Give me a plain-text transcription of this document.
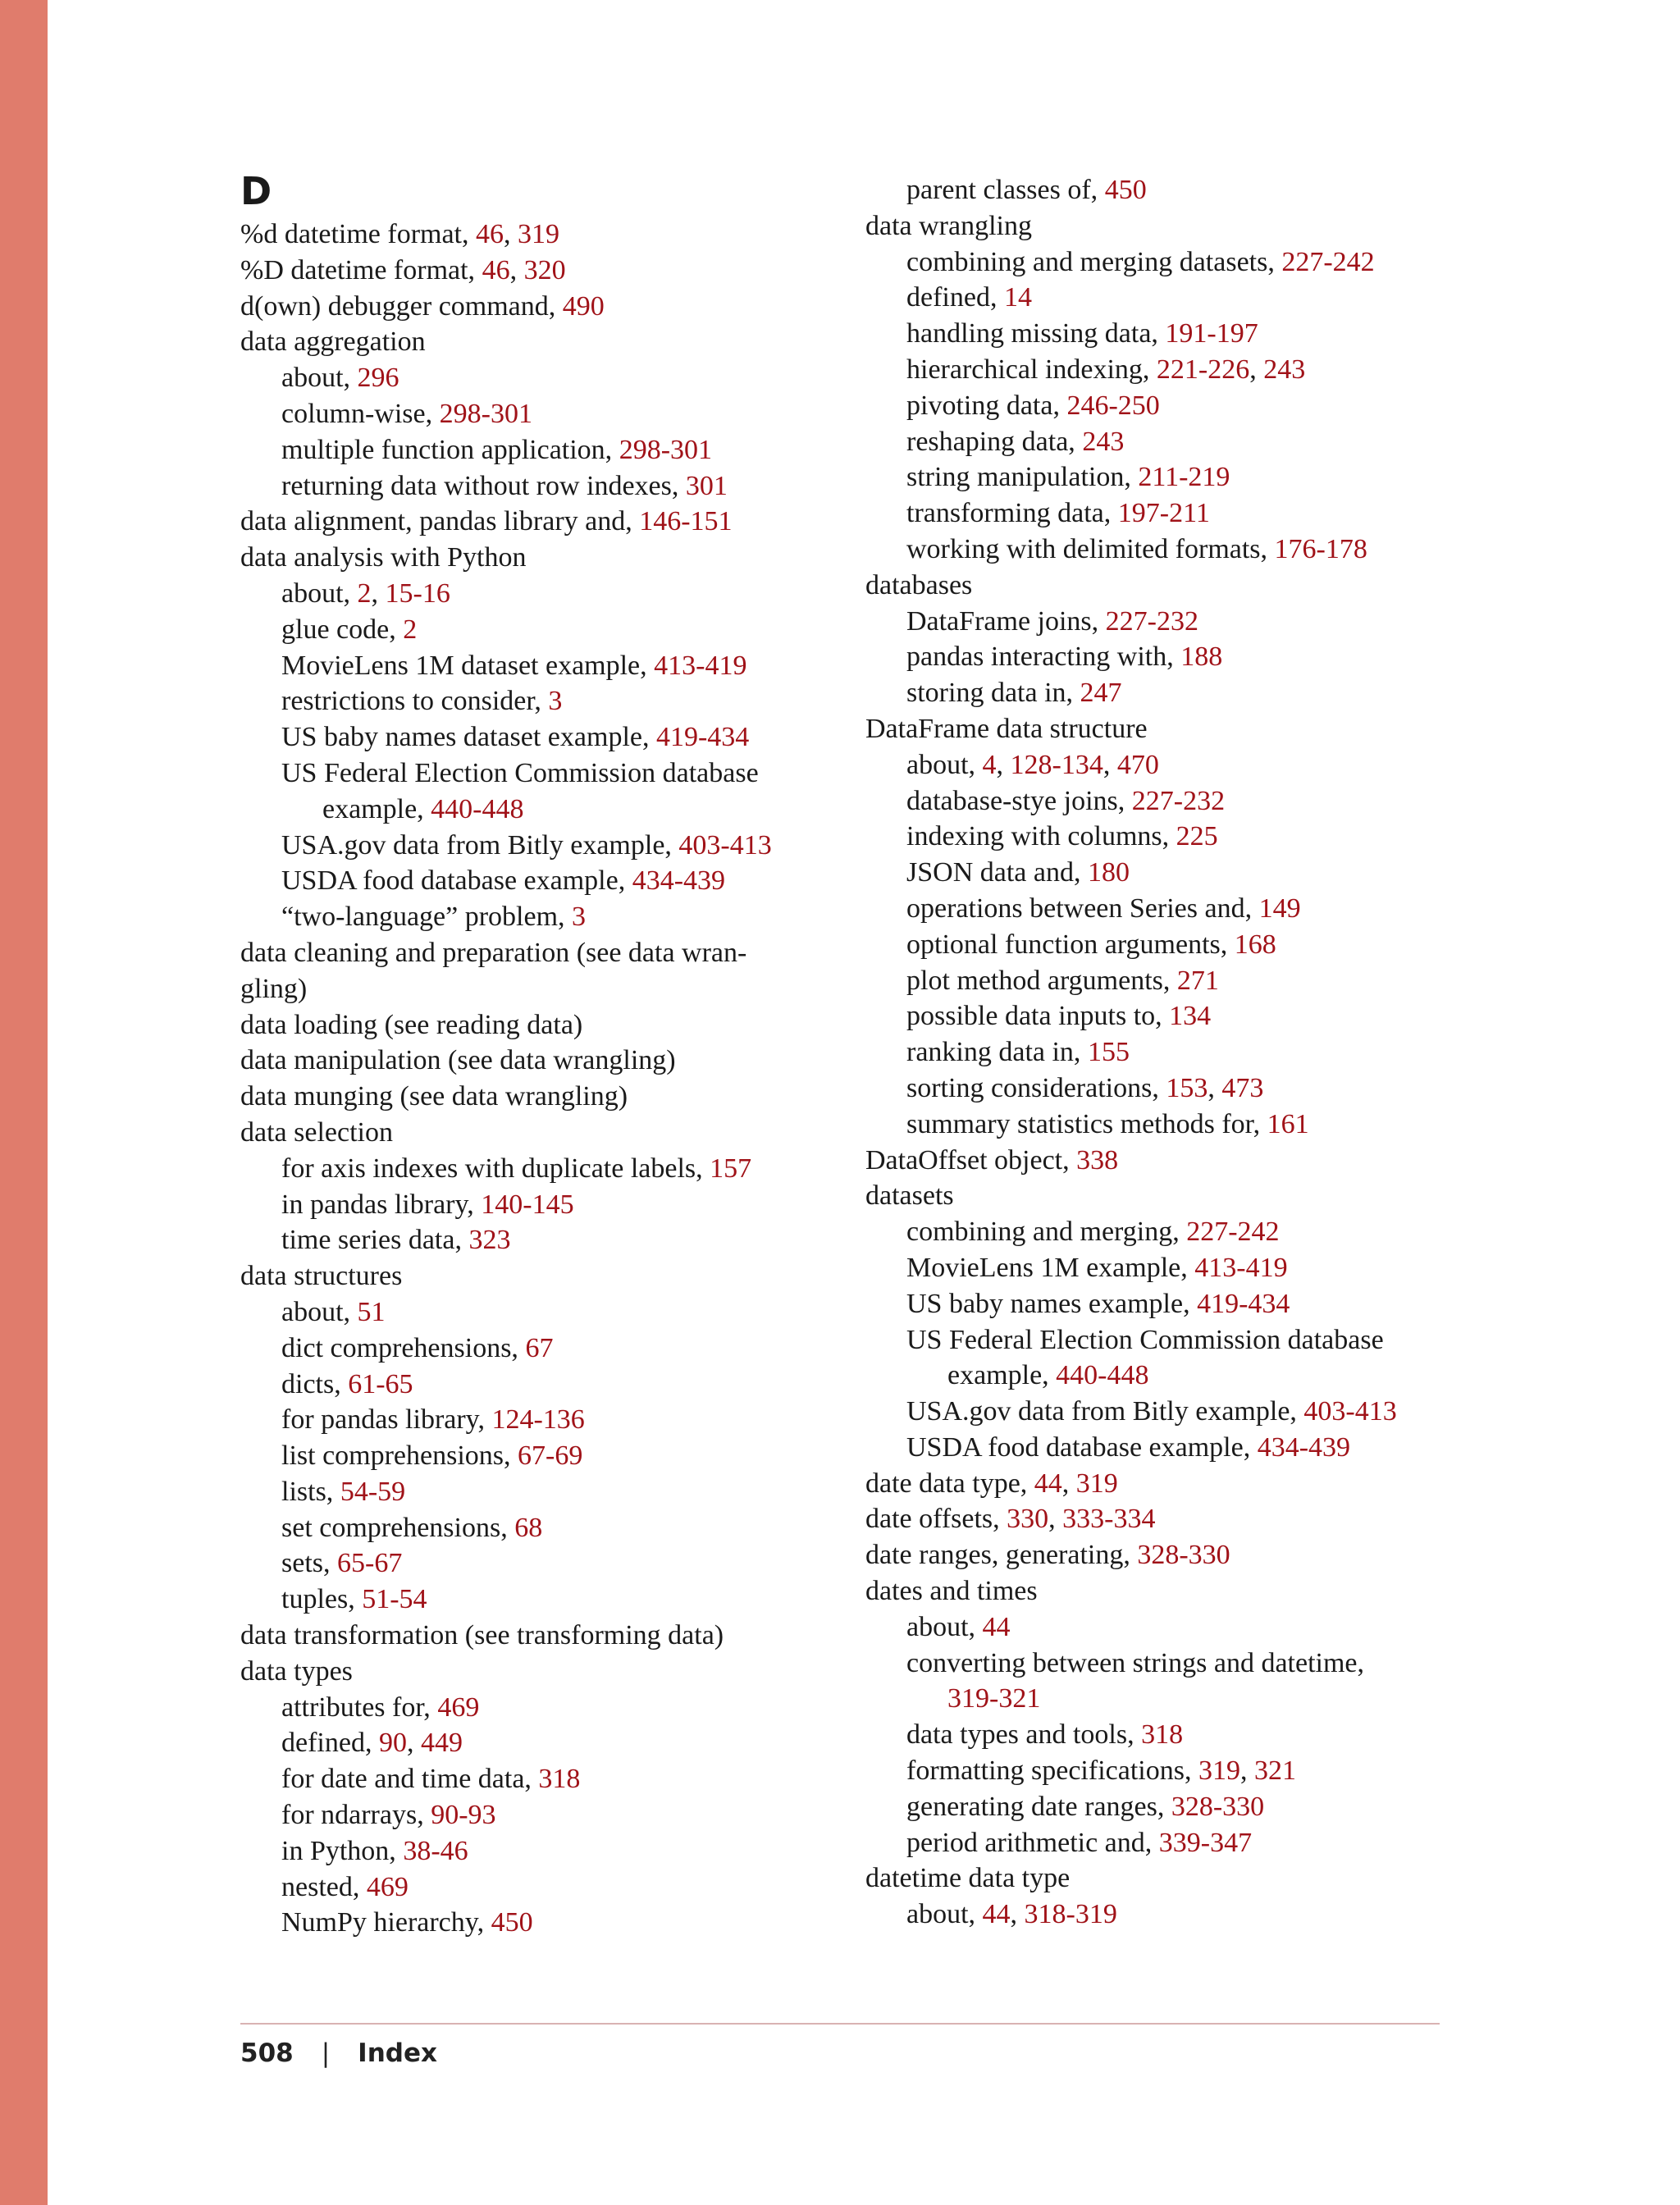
D
%d datetime format, 46, 319
%D datetime format, 46, 320
d(own) debugger command, 490
data aggregation
about, 296
column-wise, 298-301
multiple function application, 298-301
returning data without row indexes, 301
data alignment, pandas library and, 146-151
data analysis with Python
about, 2, 15-16
glue code, 2
MovieLens 1M dataset example, 413-419
restrictions to consider, 3
US baby names dataset example, 419-434
US Federal Election Commission database
example, 440-448
USA.gov data from Bitly example, 403-413
USDA food database example, 434-439
“two-language” problem, 3
data cleaning and preparation (see data wran-
gling)
data loading (see reading data)
data manipulation (see data wrangling)
data munging (see data wrangling)
data selection
for axis indexes with duplicate labels, 157
in pandas library, 140-145
time series data, 323
data structures
about, 51
dict comprehensions, 67
dicts, 61-65
for pandas library, 124-136
list comprehensions, 67-69
lists, 54-59
set comprehensions, 68
sets, 65-67
tuples, 51-54
data transformation (see transforming data)
data types
attributes for, 469
defined, 90, 449
for date and time data, 318
for ndarrays, 90-93
in Python, 38-46
nested, 469
NumPy hierarchy, 450
parent classes of, 450
data wrangling
combining and merging datasets, 227-242
defined, 14
handling missing data, 191-197
hierarchical indexing, 221-226, 243
pivoting data, 246-250
reshaping data, 243
string manipulation, 211-219
transforming data, 197-211
working with delimited formats, 176-178
databases
DataFrame joins, 227-232
pandas interacting with, 188
storing data in, 247
DataFrame data structure
about, 4, 128-134, 470
database-stye joins, 227-232
indexing with columns, 225
JSON data and, 180
operations between Series and, 149
optional function arguments, 168
plot method arguments, 271
possible data inputs to, 134
ranking data in, 155
sorting considerations, 153, 473
summary statistics methods for, 161
DataOffset object, 338
datasets
combining and merging, 227-242
MovieLens 1M example, 413-419
US baby names example, 419-434
US Federal Election Commission database
example, 440-448
USA.gov data from Bitly example, 403-413
USDA food database example, 434-439
date data type, 44, 319
date offsets, 330, 333-334
date ranges, generating, 328-330
dates and times
about, 44
converting between strings and datetime,
319-321
data types and tools, 318
formatting specifications, 319, 321
generating date ranges, 328-330
period arithmetic and, 339-347
datetime data type
about, 44, 318-319
508 | Index
